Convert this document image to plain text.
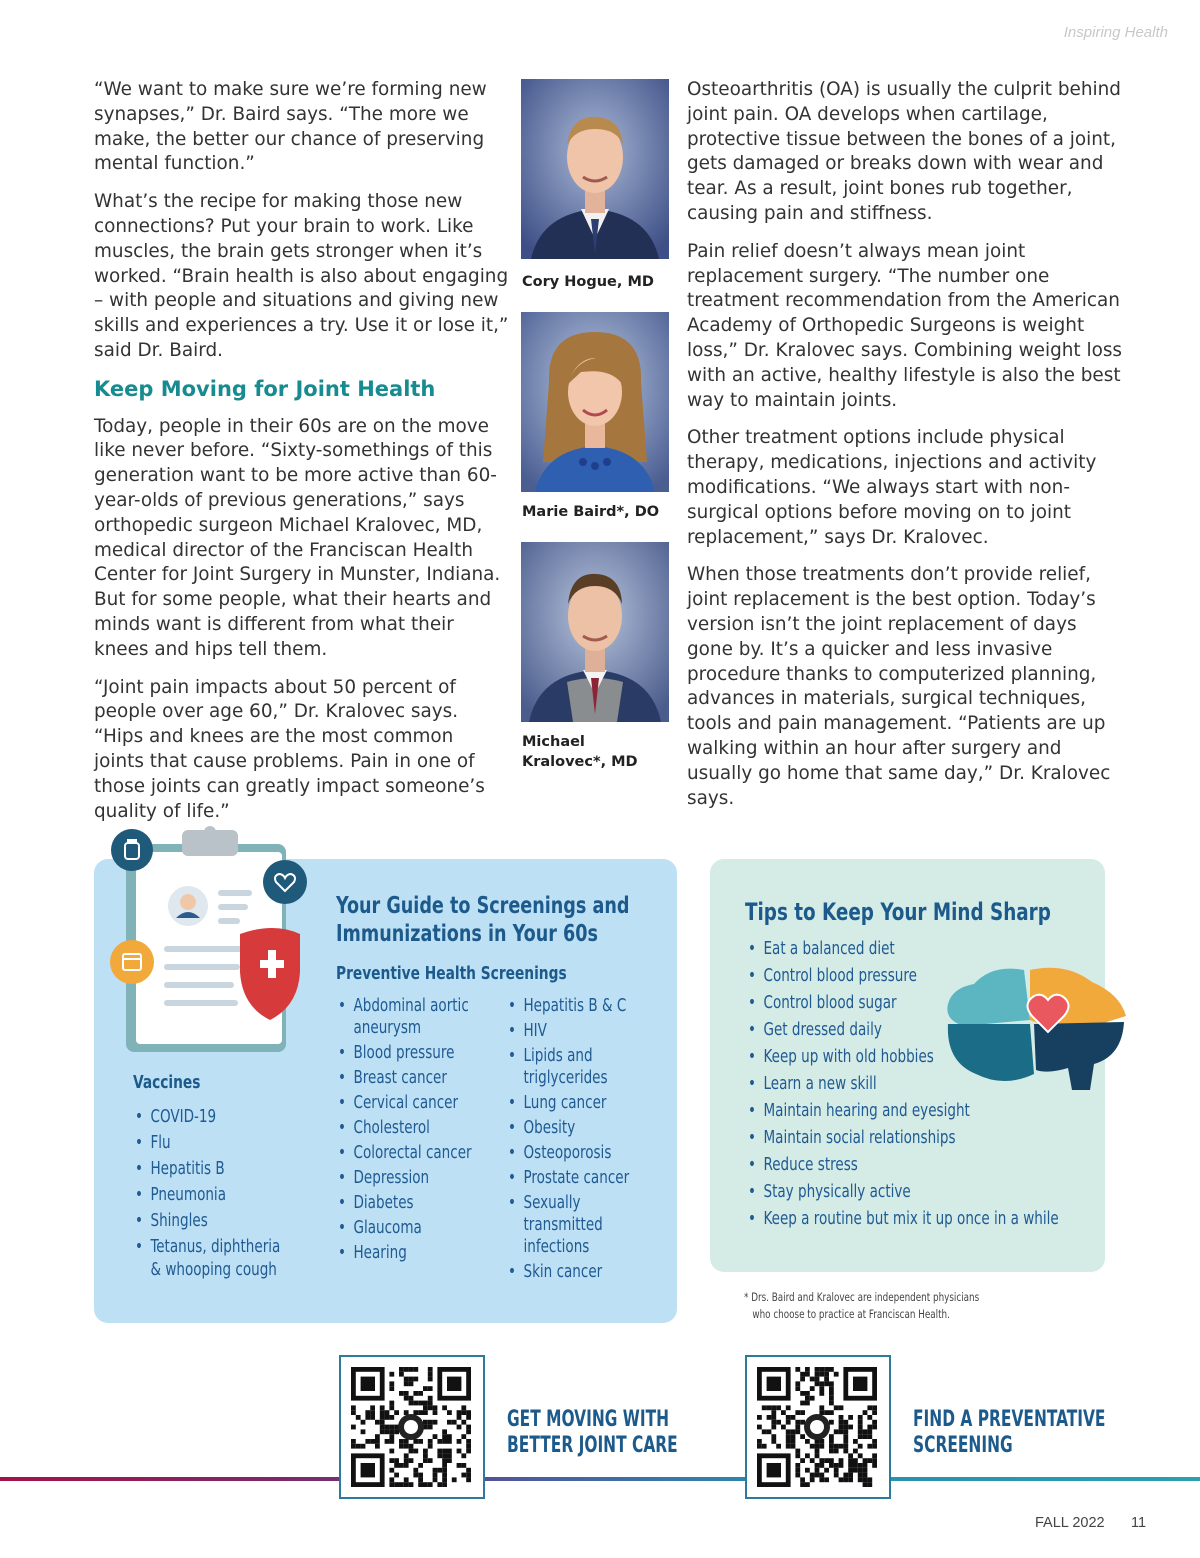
Inspiring Health

“We want to make sure we’re forming new synapses,” Dr. Baird says. “The more we make, the better our chance of preserving mental function.”

What’s the recipe for making those new connections? Put your brain to work. Like muscles, the brain gets stronger when it’s worked. “Brain health is also about engaging – with people and situations and giving new skills and experiences a try. Use it or lose it,” said Dr. Baird.

Keep Moving for Joint Health

Today, people in their 60s are on the move like never before. “Sixty-somethings of this generation want to be more active than 60-year-olds of previous generations,” says orthopedic surgeon Michael Kralovec, MD, medical director of the Franciscan Health Center for Joint Surgery in Munster, Indiana. But for some people, what their hearts and minds want is different from what their knees and hips tell them.

“Joint pain impacts about 50 percent of people over age 60,” Dr. Kralovec says. “Hips and knees are the most common joints that cause problems. Pain in one of those joints can greatly impact someone’s quality of life.”

Cory Hogue, MD
Marie Baird*, DO
Michael
Kralovec*, MD

Osteoarthritis (OA) is usually the culprit behind joint pain. OA develops when cartilage, protective tissue between the bones of a joint, gets damaged or breaks down with wear and tear. As a result, joint bones rub together, causing pain and stiffness.

Pain relief doesn’t always mean joint replacement surgery. “The number one treatment recommendation from the American Academy of Orthopedic Surgeons is weight loss,” Dr. Kralovec says. Combining weight loss with an active, healthy lifestyle is also the best way to maintain joints.

Other treatment options include physical therapy, medications, injections and activity modifications. “We always start with non-surgical options before moving on to joint replacement,” says Dr. Kralovec.

When those treatments don’t provide relief, joint replacement is the best option. Today’s version isn’t the joint replacement of days gone by. It’s a quicker and less invasive procedure thanks to computerized planning, advances in materials, surgical techniques, tools and pain management. “Patients are up walking within an hour after surgery and usually go home that same day,” Dr. Kralovec says.

Your Guide to Screenings and
Immunizations in Your 60s
Preventive Health Screenings
• Abdominal aortic
aneurysm
• Blood pressure
• Breast cancer
• Cervical cancer
• Cholesterol
• Colorectal cancer
• Depression
• Diabetes
• Glaucoma
• Hearing
• Hepatitis B & C
• HIV
• Lipids and
triglycerides
• Lung cancer
• Obesity
• Osteoporosis
• Prostate cancer
• Sexually
transmitted
infections
• Skin cancer
Vaccines
• COVID-19
• Flu
• Hepatitis B
• Pneumonia
• Shingles
• Tetanus, diphtheria
& whooping cough
Tips to Keep Your Mind Sharp
• Eat a balanced diet
• Control blood pressure
• Control blood sugar
• Get dressed daily
• Keep up with old hobbies
• Learn a new skill
• Maintain hearing and eyesight
• Maintain social relationships
• Reduce stress
• Stay physically active
• Keep a routine but mix it up once in a while
* Drs. Baird and Kralovec are independent physicians
who choose to practice at Franciscan Health.
GET MOVING WITH
BETTER JOINT CARE
FIND A PREVENTATIVE
SCREENING
FALL 2022 11
